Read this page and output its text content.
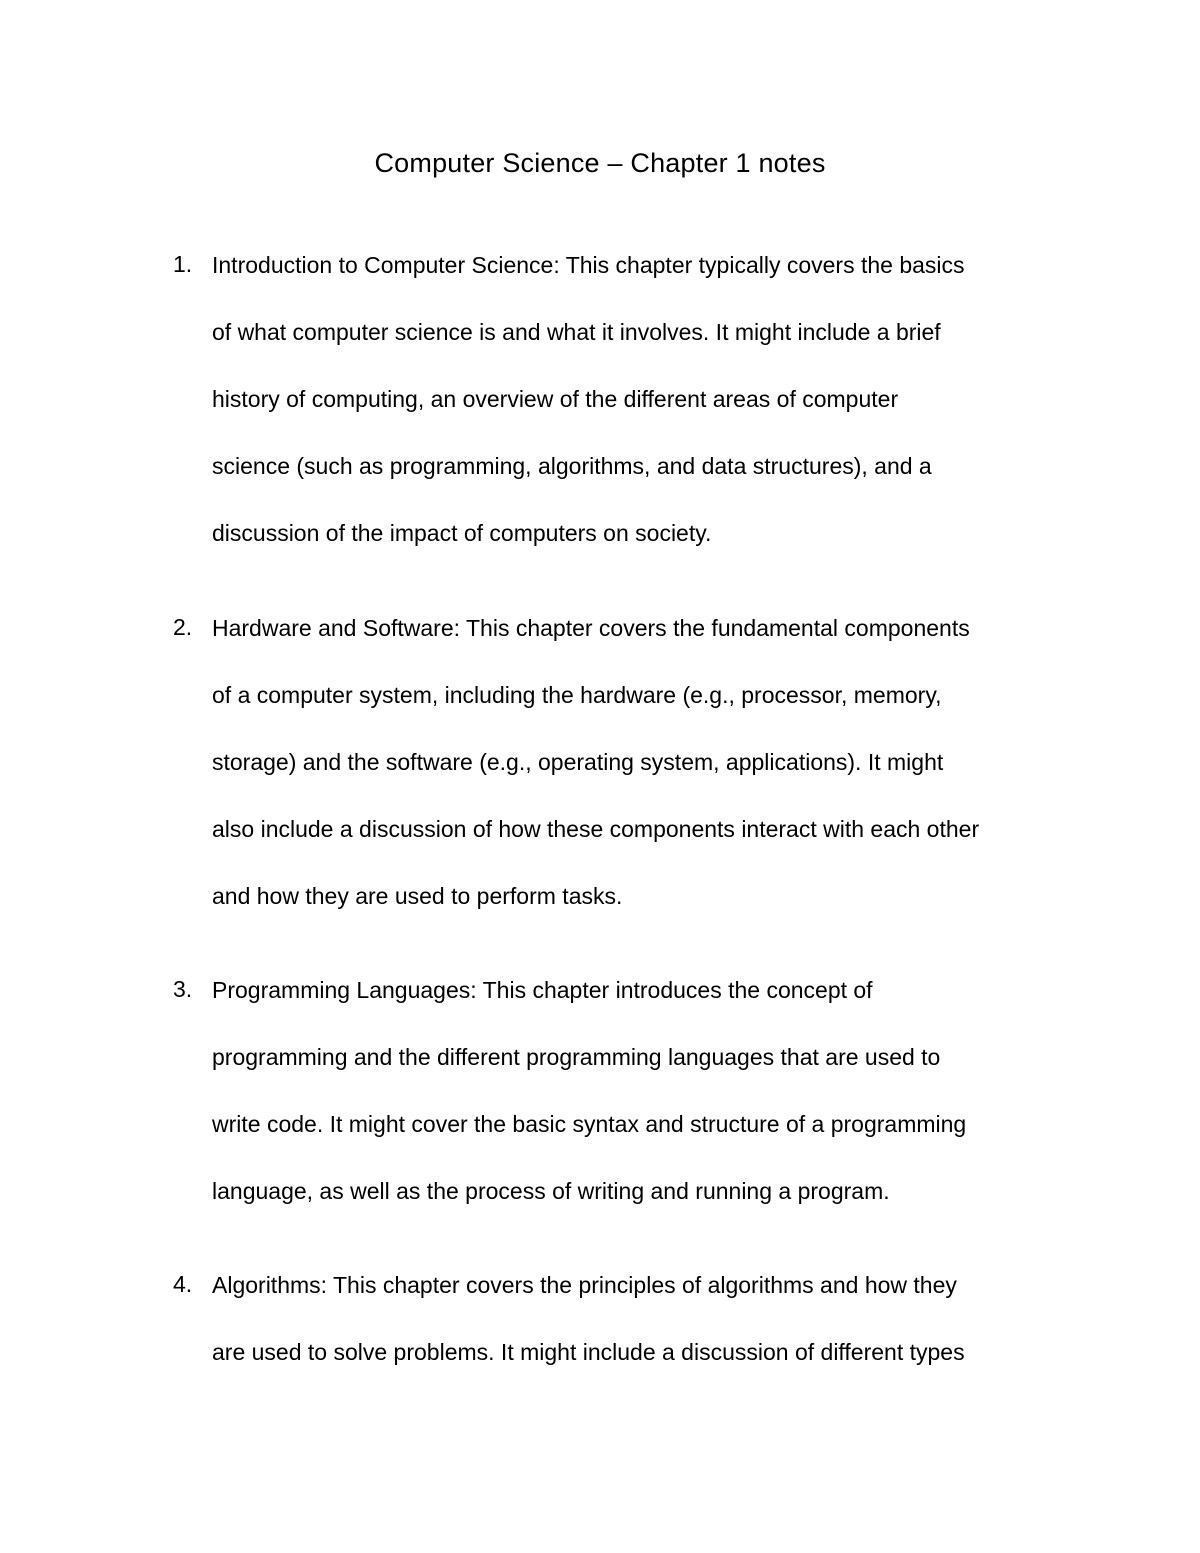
Computer Science – Chapter 1 notes
1. Introduction to Computer Science: This chapter typically covers the basics
of what computer science is and what it involves. It might include a brief
history of computing, an overview of the different areas of computer
science (such as programming, algorithms, and data structures), and a
discussion of the impact of computers on society.
2. Hardware and Software: This chapter covers the fundamental components
of a computer system, including the hardware (e.g., processor, memory,
storage) and the software (e.g., operating system, applications). It might
also include a discussion of how these components interact with each other
and how they are used to perform tasks.
3. Programming Languages: This chapter introduces the concept of
programming and the different programming languages that are used to
write code. It might cover the basic syntax and structure of a programming
language, as well as the process of writing and running a program.
4. Algorithms: This chapter covers the principles of algorithms and how they
are used to solve problems. It might include a discussion of different types
